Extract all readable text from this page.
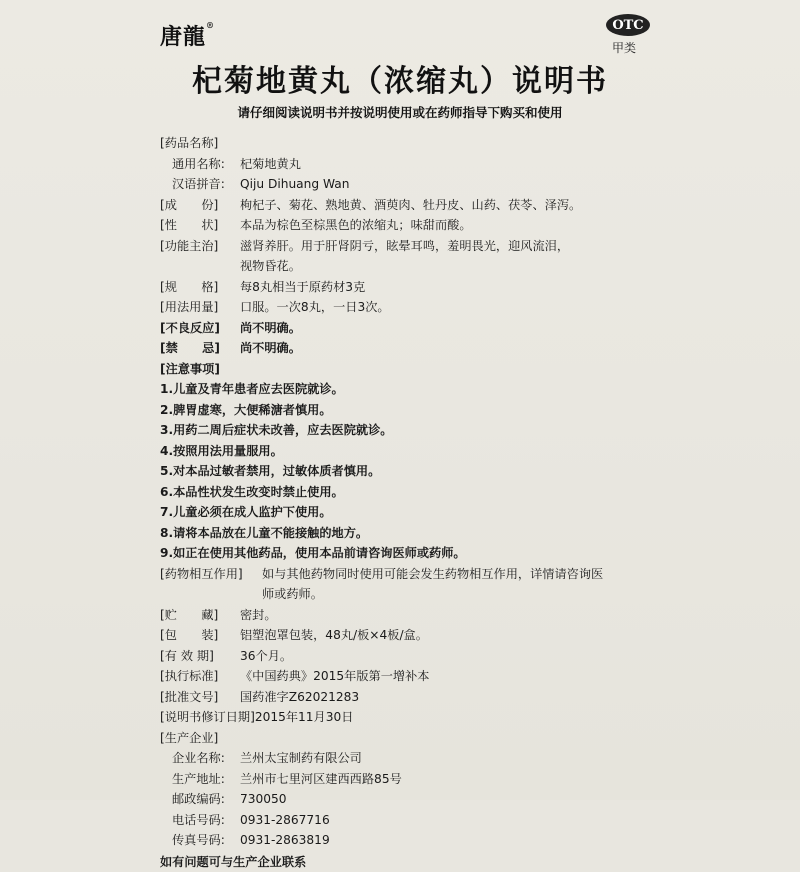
唐龍®	OTC
甲类
杞菊地黄丸（浓缩丸）说明书
请仔细阅读说明书并按说明使用或在药师指导下购买和使用
[药品名称]
通用名称:	杞菊地黄丸
汉语拼音:	Qiju Dihuang Wan
[成　　份]	枸杞子、菊花、熟地黄、酒萸肉、牡丹皮、山药、茯苓、泽泻。
[性　　状]	本品为棕色至棕黑色的浓缩丸；味甜而酸。
[功能主治]	滋肾养肝。用于肝肾阴亏，眩晕耳鸣，羞明畏光，迎风流泪，视物昏花。
[规　　格]	每8丸相当于原药材3克
[用法用量]	口服。一次8丸，一日3次。
[不良反应]	尚不明确。
[禁　　忌]	尚不明确。
[注意事项]
1.儿童及青年患者应去医院就诊。
2.脾胃虚寒，大便稀溏者慎用。
3.用药二周后症状未改善，应去医院就诊。
4.按照用法用量服用。
5.对本品过敏者禁用，过敏体质者慎用。
6.本品性状发生改变时禁止使用。
7.儿童必须在成人监护下使用。
8.请将本品放在儿童不能接触的地方。
9.如正在使用其他药品，使用本品前请咨询医师或药师。
[药物相互作用]	如与其他药物同时使用可能会发生药物相互作用，详情请咨询医师或药师。
[贮　　藏]	密封。
[包　　装]	铝塑泡罩包装，48丸/板×4板/盒。
[有 效 期]	36个月。
[执行标准]	《中国药典》2015年版第一增补本
[批准文号]	国药准字Z62021283
[说明书修订日期] 2015年11月30日
[生产企业]
企业名称:	兰州太宝制药有限公司
生产地址:	兰州市七里河区建西西路85号
邮政编码:	730050
电话号码:	0931-2867716
传真号码:	0931-2863819
如有问题可与生产企业联系
